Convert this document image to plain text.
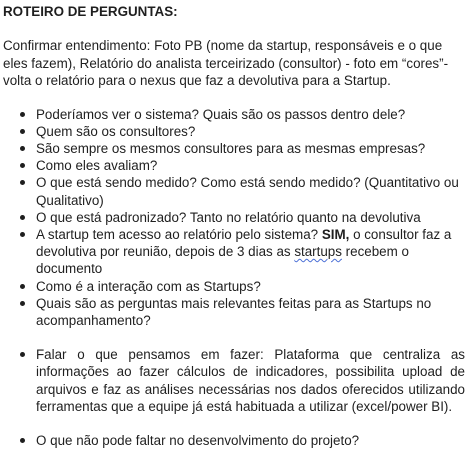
ROTEIRO DE PERGUNTAS:

Confirmar entendimento: Foto PB (nome da startup, responsáveis e o que eles fazem), Relatório do analista terceirizado (consultor) - foto em “cores”- volta o relatório para o nexus que faz a devolutiva para a Startup.

Poderíamos ver o sistema? Quais são os passos dentro dele?
Quem são os consultores?
São sempre os mesmos consultores para as mesmas empresas?
Como eles avaliam?
O que está sendo medido? Como está sendo medido? (Quantitativo ou Qualitativo)
O que está padronizado? Tanto no relatório quanto na devolutiva
A startup tem acesso ao relatório pelo sistema? SIM, o consultor faz a devolutiva por reunião, depois de 3 dias as startups recebem o documento
Como é a interação com as Startups?
Quais são as perguntas mais relevantes feitas para as Startups no acompanhamento?
Falar o que pensamos em fazer: Plataforma que centraliza as informações ao fazer cálculos de indicadores, possibilita upload de arquivos e faz as análises necessárias nos dados oferecidos utilizando ferramentas que a equipe já está habituada a utilizar (excel/power BI).
O que não pode faltar no desenvolvimento do projeto?
